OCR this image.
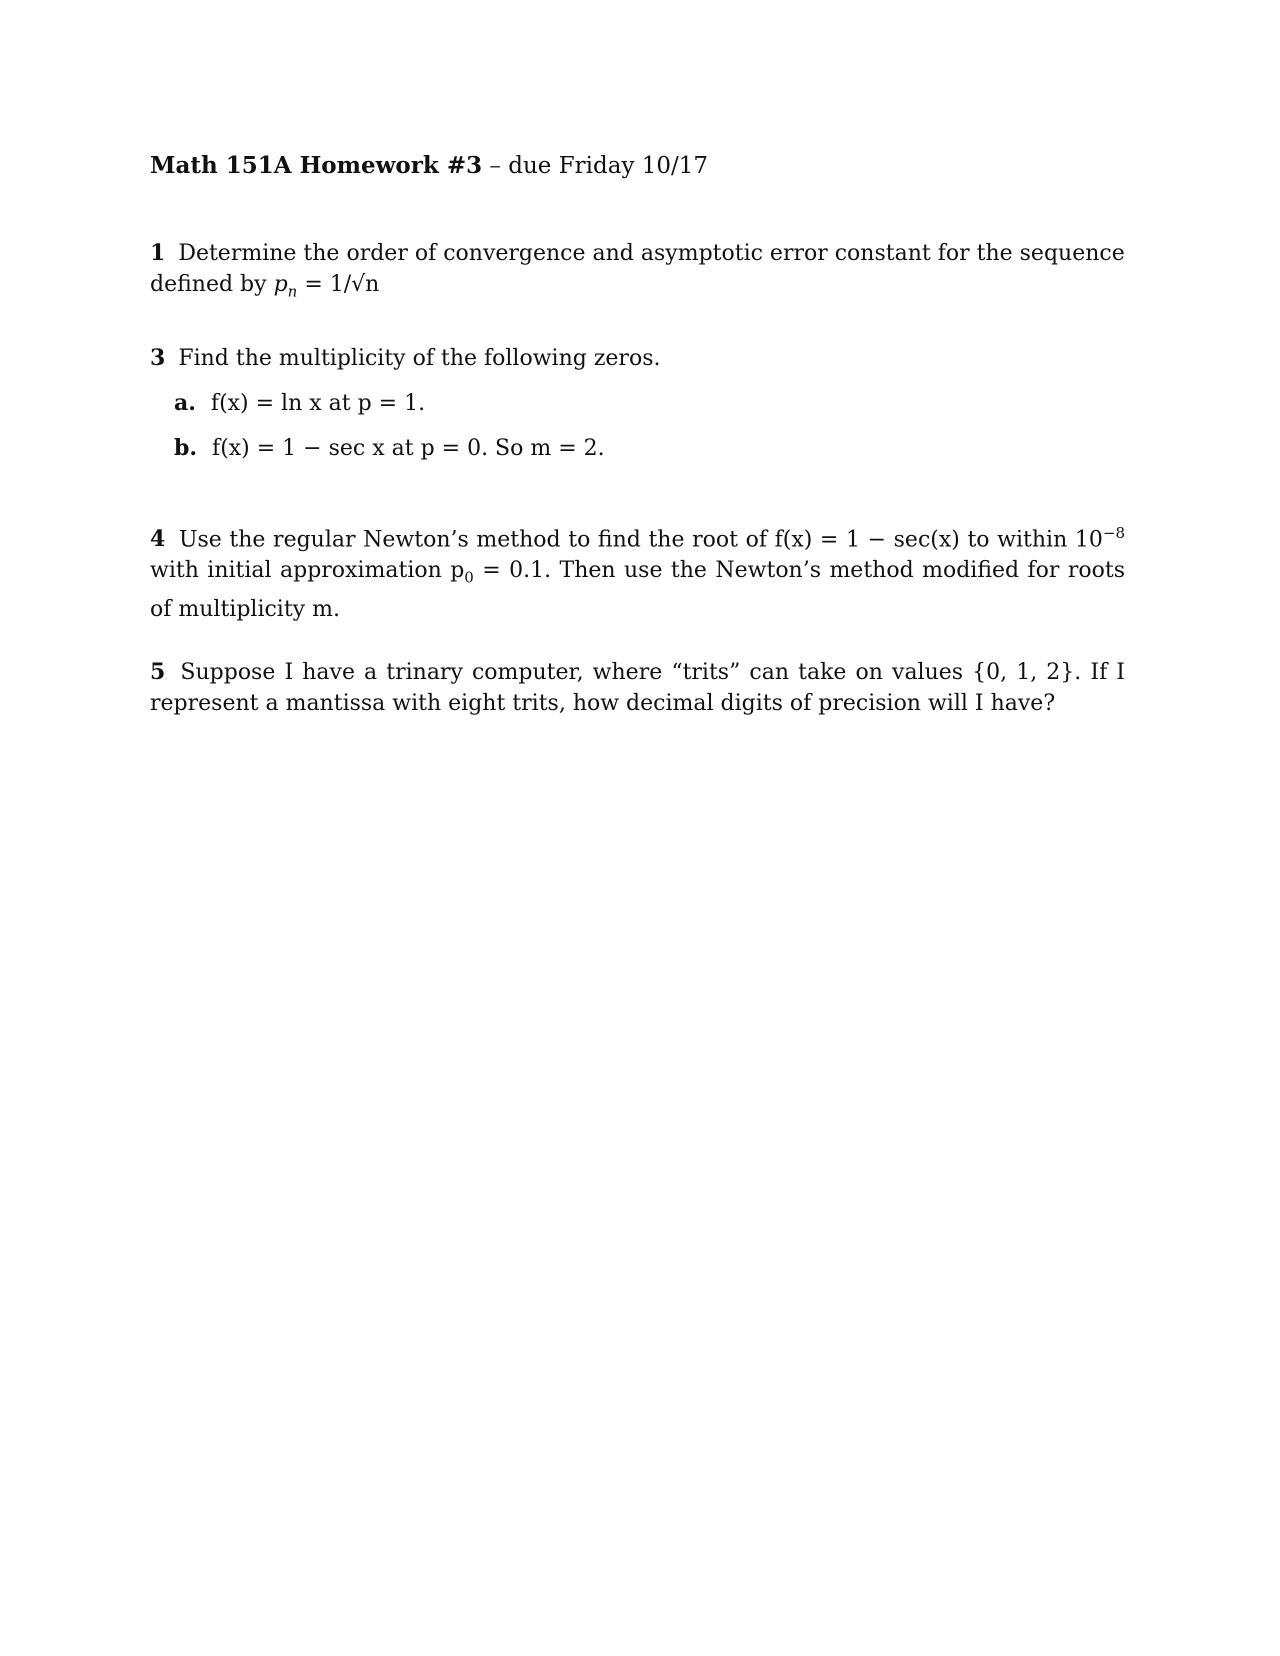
Math 151A Homework #3 – due Friday 10/17
1 Determine the order of convergence and asymptotic error constant for the sequence defined by $p_n = 1/√n$
3 Find the multiplicity of the following zeros.
a. f(x) = ln x at p = 1.
b. f(x) = 1 − sec x at p = 0. So m = 2.
4 Use the regular Newton’s method to find the root of f(x) = 1 − sec(x) to within $10^{-8}$ with initial approximation $p_0 = 0.1$. Then use the Newton’s method modified for roots of multiplicity m.
5 Suppose I have a trinary computer, where “trits” can take on values {0, 1, 2}. If I represent a mantissa with eight trits, how decimal digits of precision will I have?
